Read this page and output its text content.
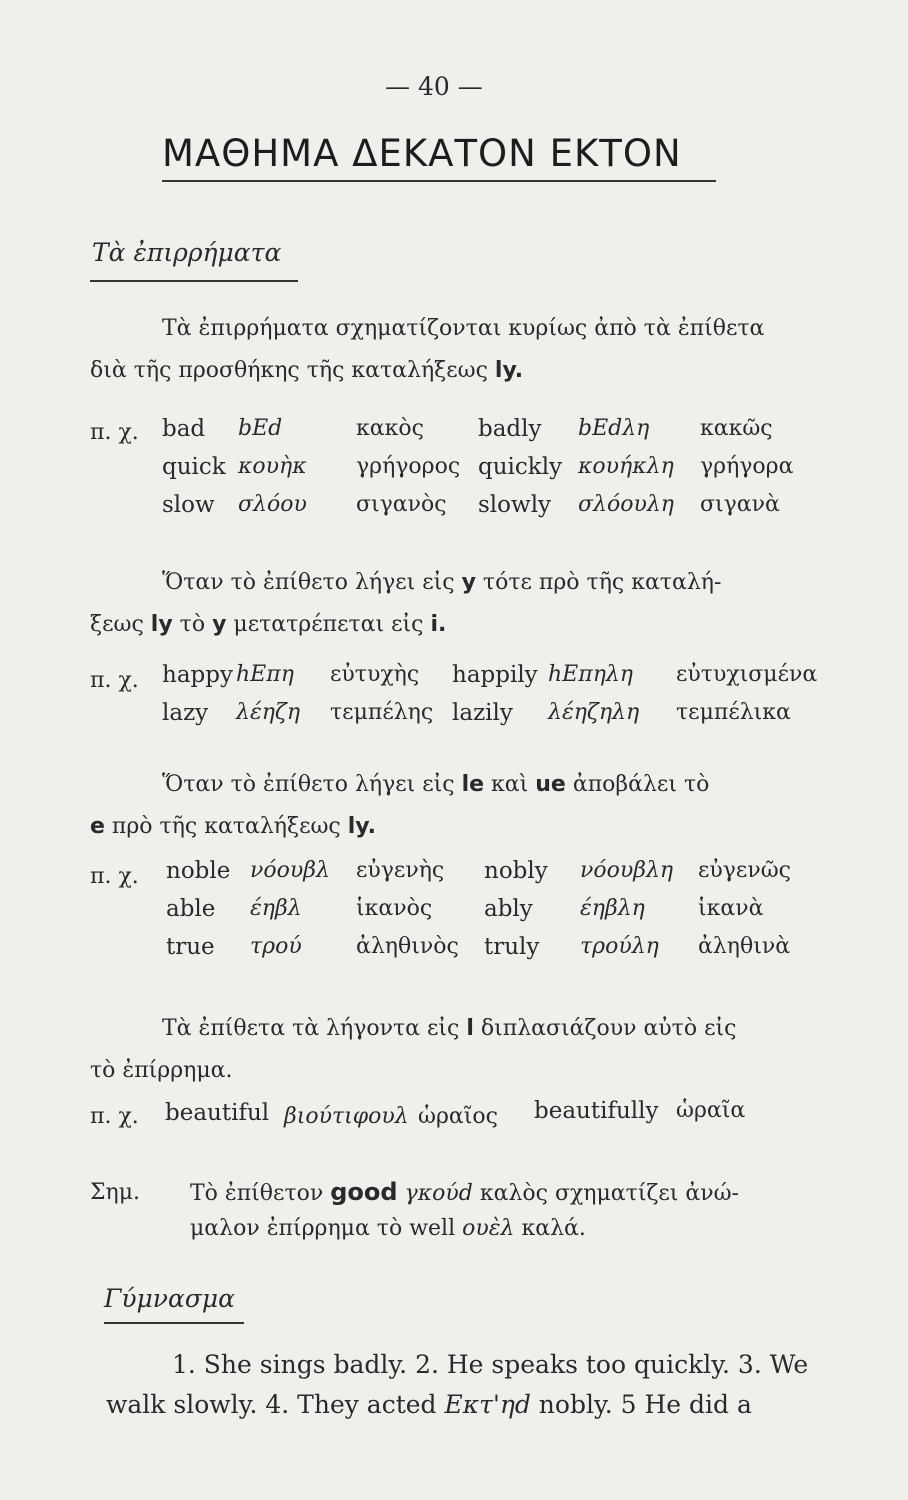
— 40 —
ΜΑΘΗΜΑ ΔΕΚΑΤΟΝ ΕΚΤΟΝ
Τὰ ἐπιρρήματα
Τὰ ἐπιρρήματα σχηματίζονται κυρίως ἀπὸ τὰ ἐπίθετα
διὰ τῆς προσθήκης τῆς καταλήξεως ly.
π. χ. bad bEd	κακὸς badly bEdλη κακῶς
quick κουὴκ γρήγορος quickly κουήκλη γρήγορα
slow σλόου σιγανὸς slowly σλόουλη σιγανὰ
Ὅταν τὸ ἐπίθετο λήγει εἰς y τότε πρὸ τῆς καταλή-
ξεως ly τὸ y μετατρέπεται εἰς i.
π. χ. happy hEπη εὐτυχὴς happily hEπηλη εὐτυχισμένα
lazy λέηζη τεμπέλης lazily λέηζηλη τεμπέλικα
Ὅταν τὸ ἐπίθετο λήγει εἰς le καὶ ue ἀποβάλει τὸ
e πρὸ τῆς καταλήξεως ly.
π. χ. noble νόουβλ εὐγενὴς nobly νόουβλη εὐγενῶς
able έηβλ ἱκανὸς ably έηβλη ἱκανὰ
true τρού ἀληθινὸς truly τρούλη ἀληθινὰ
Τὰ ἐπίθετα τὰ λήγοντα εἰς l διπλασιάζουν αὐτὸ εἰς
τὸ ἐπίρρημα.
π. χ. beautiful βιούτιφουλ ὡραῖος beautifully ὡραῖα
Σημ. Τὸ ἐπίθετον good γκούd καλὸς σχηματίζει ἀνώ-
μαλον ἐπίρρημα τὸ well ουὲλ καλά.
Γύμνασμα
1. She sings badly. 2. He speaks too quickly. 3. We
walk slowly. 4. They acted Eκτ'ηd nobly. 5 He did a
